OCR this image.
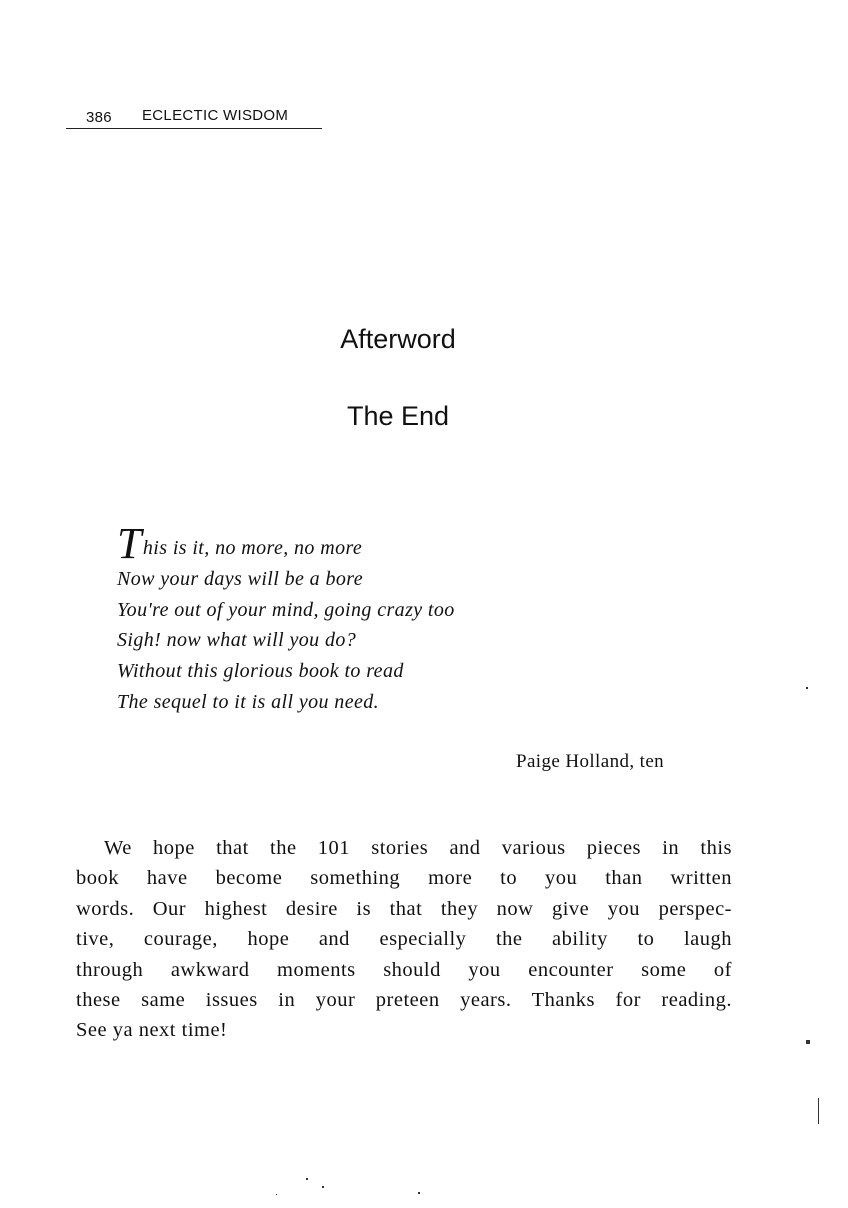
386 ECLECTIC WISDOM
Afterword
The End
This is it, no more, no more
Now your days will be a bore
You're out of your mind, going crazy too
Sigh! now what will you do?
Without this glorious book to read
The sequel to it is all you need.
Paige Holland, ten
We hope that the 101 stories and various pieces in this
book have become something more to you than written
words. Our highest desire is that they now give you perspec-
tive, courage, hope and especially the ability to laugh
through awkward moments should you encounter some of
these same issues in your preteen years. Thanks for reading.
See ya next time!
